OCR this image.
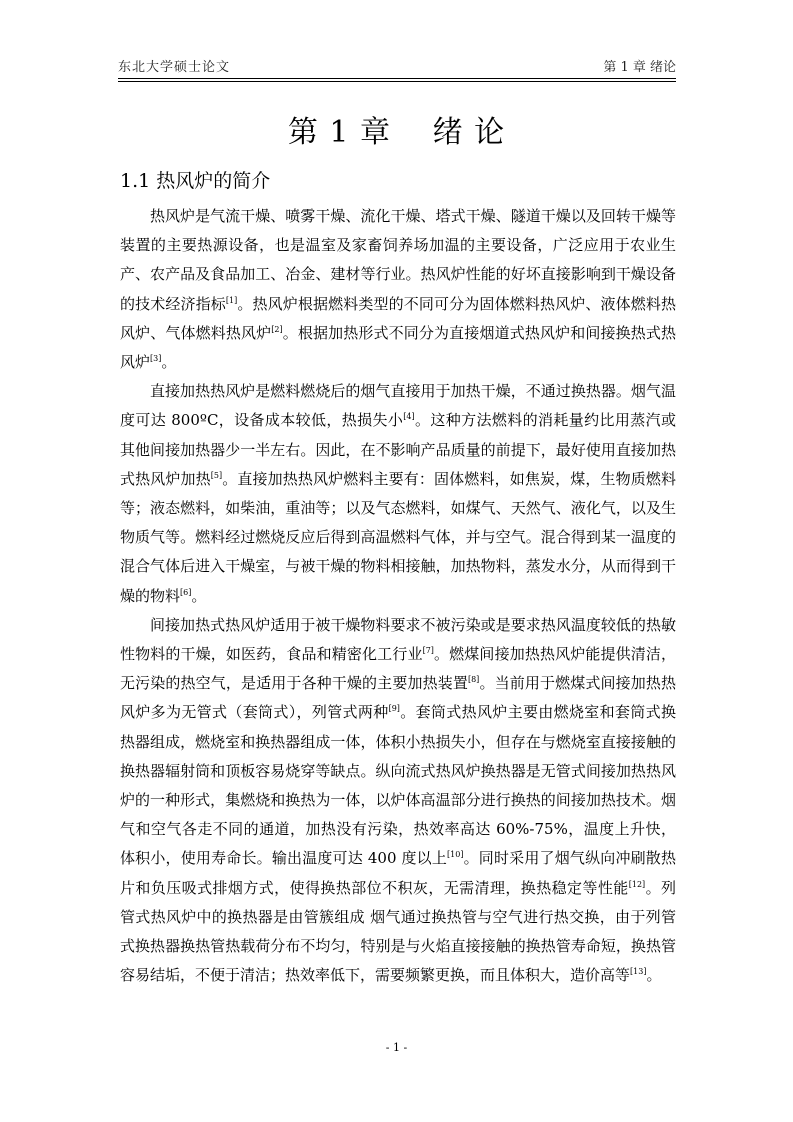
东北大学硕士论文	第 1 章 绪论
第 1 章　 绪 论
1.1 热风炉的简介

热风炉是气流干燥、喷雾干燥、流化干燥、塔式干燥、隧道干燥以及回转干燥等装置的主要热源设备，也是温室及家畜饲养场加温的主要设备，广泛应用于农业生产、农产品及食品加工、冶金、建材等行业。热风炉性能的好坏直接影响到干燥设备的技术经济指标[1]。热风炉根据燃料类型的不同可分为固体燃料热风炉、液体燃料热风炉、气体燃料热风炉[2]。根据加热形式不同分为直接烟道式热风炉和间接换热式热风炉[3]。

直接加热热风炉是燃料燃烧后的烟气直接用于加热干燥，不通过换热器。烟气温度可达 800ºC，设备成本较低，热损失小[4]。这种方法燃料的消耗量约比用蒸汽或其他间接加热器少一半左右。因此，在不影响产品质量的前提下，最好使用直接加热式热风炉加热[5]。直接加热热风炉燃料主要有：固体燃料，如焦炭，煤，生物质燃料等；液态燃料，如柴油，重油等；以及气态燃料，如煤气、天然气、液化气，以及生物质气等。燃料经过燃烧反应后得到高温燃料气体，并与空气。混合得到某一温度的混合气体后进入干燥室，与被干燥的物料相接触，加热物料，蒸发水分，从而得到干燥的物料[6]。

间接加热式热风炉适用于被干燥物料要求不被污染或是要求热风温度较低的热敏性物料的干燥，如医药，食品和精密化工行业[7]。燃煤间接加热热风炉能提供清洁，无污染的热空气，是适用于各种干燥的主要加热装置[8]。当前用于燃煤式间接加热热风炉多为无管式（套筒式），列管式两种[9]。套筒式热风炉主要由燃烧室和套筒式换热器组成，燃烧室和换热器组成一体，体积小热损失小，但存在与燃烧室直接接触的换热器辐射筒和顶板容易烧穿等缺点。纵向流式热风炉换热器是无管式间接加热热风炉的一种形式，集燃烧和换热为一体，以炉体高温部分进行换热的间接加热技术。烟气和空气各走不同的通道，加热没有污染，热效率高达 60%-75%，温度上升快，体积小，使用寿命长。输出温度可达 400 度以上[10]。同时采用了烟气纵向冲刷散热片和负压吸式排烟方式，使得换热部位不积灰，无需清理，换热稳定等性能[12]。列管式热风炉中的换热器是由管簇组成 烟气通过换热管与空气进行热交换，由于列管式换热器换热管热载荷分布不均匀，特别是与火焰直接接触的换热管寿命短，换热管容易结垢，不便于清洁；热效率低下，需要频繁更换，而且体积大，造价高等[13]。

- 1 -
